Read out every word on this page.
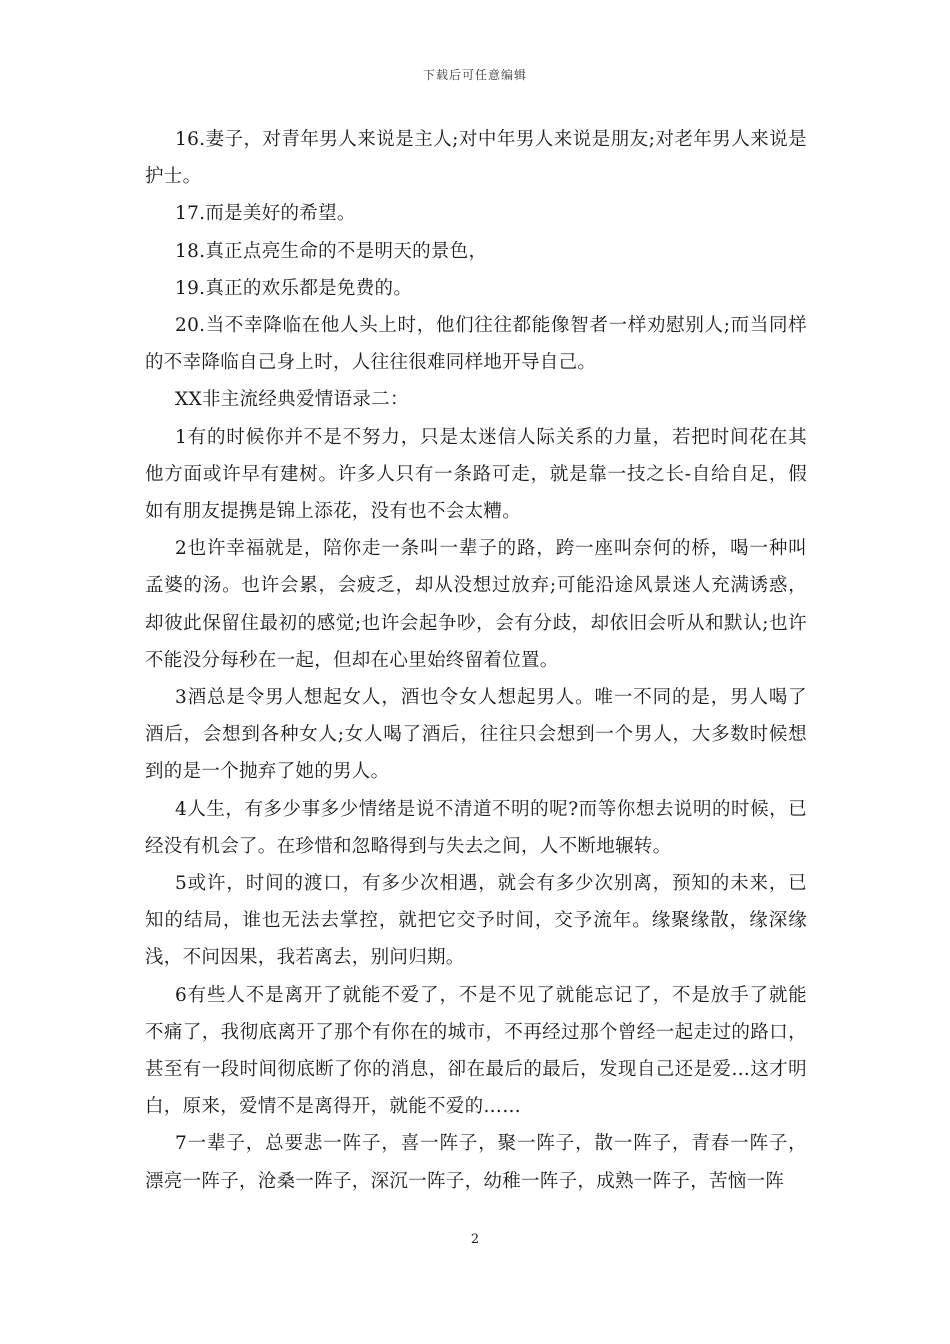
下载后可任意编辑

16.妻子，对青年男人来说是主人;对中年男人来说是朋友;对老年男人来说是护士。

17.而是美好的希望。

18.真正点亮生命的不是明天的景色，

19.真正的欢乐都是免费的。

20.当不幸降临在他人头上时，他们往往都能像智者一样劝慰别人;而当同样的不幸降临自己身上时，人往往很难同样地开导自己。

XX非主流经典爱情语录二：

1有的时候你并不是不努力，只是太迷信人际关系的力量，若把时间花在其他方面或许早有建树。许多人只有一条路可走，就是靠一技之长-自给自足，假如有朋友提携是锦上添花，没有也不会太糟。

2也许幸福就是，陪你走一条叫一辈子的路，跨一座叫奈何的桥，喝一种叫孟婆的汤。也许会累，会疲乏，却从没想过放弃;可能沿途风景迷人充满诱惑，却彼此保留住最初的感觉;也许会起争吵，会有分歧，却依旧会听从和默认;也许不能没分每秒在一起，但却在心里始终留着位置。

3酒总是令男人想起女人，酒也令女人想起男人。唯一不同的是，男人喝了酒后，会想到各种女人;女人喝了酒后，往往只会想到一个男人，大多数时候想到的是一个抛弃了她的男人。

4人生，有多少事多少情绪是说不清道不明的呢?而等你想去说明的时候，已经没有机会了。在珍惜和忽略得到与失去之间，人不断地辗转。

5或许，时间的渡口，有多少次相遇，就会有多少次别离，预知的未来，已知的结局，谁也无法去掌控，就把它交予时间，交予流年。缘聚缘散，缘深缘浅，不问因果，我若离去，别问归期。

6有些人不是离开了就能不爱了，不是不见了就能忘记了，不是放手了就能不痛了，我彻底离开了那个有你在的城市，不再经过那个曾经一起走过的路口，甚至有一段时间彻底断了你的消息，卻在最后的最后，发现自己还是爱…这才明白，原来，爱情不是离得开，就能不爱的……

7一辈子，总要悲一阵子，喜一阵子，聚一阵子，散一阵子，青春一阵子，漂亮一阵子，沧桑一阵子，深沉一阵子，幼稚一阵子，成熟一阵子，苦恼一阵

2
